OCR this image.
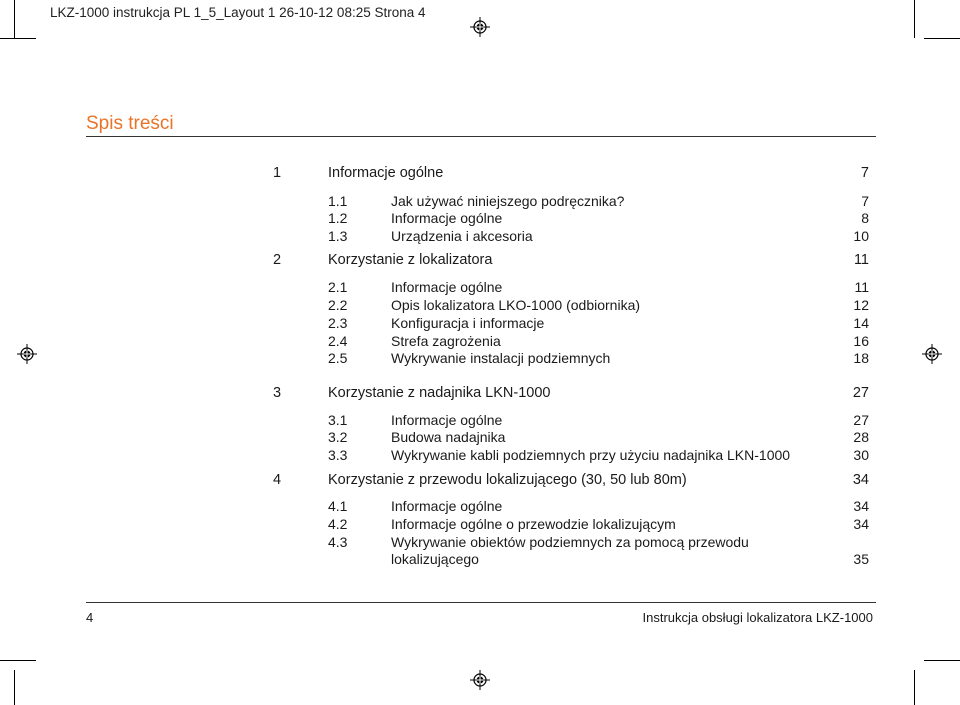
LKZ-1000 instrukcja PL 1_5_Layout 1 26-10-12 08:25 Strona 4
Spis treści
1	Informacje ogólne	7
1.1	Jak używać niniejszego podręcznika?	7
1.2	Informacje ogólne	8
1.3	Urządzenia i akcesoria	10
2	Korzystanie z lokalizatora	11
2.1	Informacje ogólne	11
2.2	Opis lokalizatora LKO-1000 (odbiornika)	12
2.3	Konfiguracja i informacje	14
2.4	Strefa zagrożenia	16
2.5	Wykrywanie instalacji podziemnych	18
3	Korzystanie z nadajnika LKN-1000	27
3.1	Informacje ogólne	27
3.2	Budowa nadajnika	28
3.3	Wykrywanie kabli podziemnych przy użyciu nadajnika LKN-1000	30
4	Korzystanie z przewodu lokalizującego (30, 50 lub 80m)	34
4.1	Informacje ogólne	34
4.2	Informacje ogólne o przewodzie lokalizującym	34
4.3	Wykrywanie obiektów podziemnych za pomocą przewodu
lokalizującego	35
4	Instrukcja obsługi lokalizatora LKZ-1000
